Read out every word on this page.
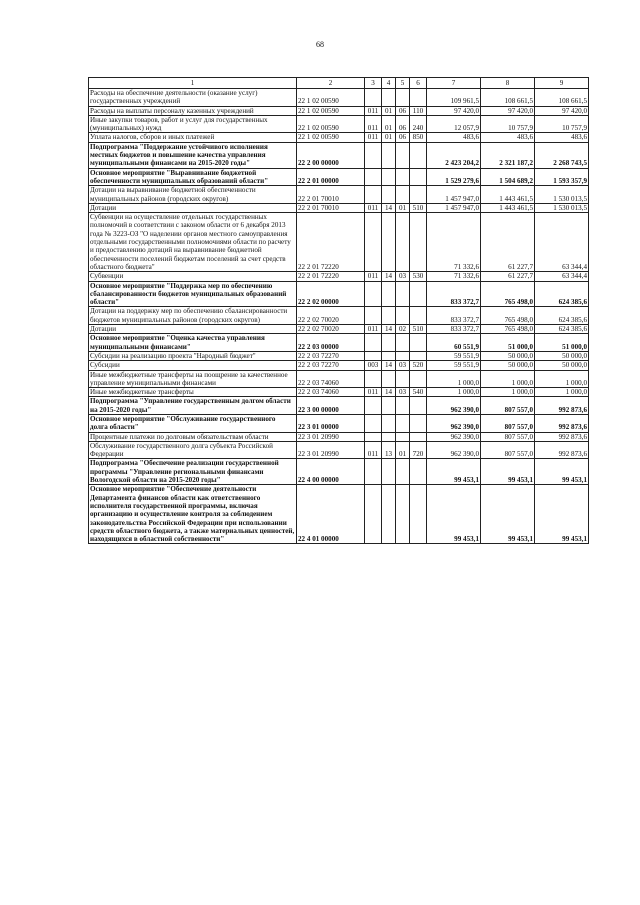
68
1	2	3	4	5	6	7	8	9
Расходы на обеспечение деятельности (оказание услуг) государственных учреждений	22 1 02 00590					109 961,5	108 661,5	108 661,5
Расходы на выплаты персоналу казенных учреждений	22 1 02 00590	011	01	06	110	97 420,0	97 420,0	97 420,0
Иные закупки товаров, работ и услуг для государственных (муниципальных) нужд	22 1 02 00590	011	01	06	240	12 057,9	10 757,9	10 757,9
Уплата налогов, сборов и иных платежей	22 1 02 00590	011	01	06	850	483,6	483,6	483,6
Подпрограмма "Поддержание устойчивого исполнения местных бюджетов и повышение качества управления муниципальными финансами на 2015-2020 годы"	22 2 00 00000					2 423 204,2	2 321 187,2	2 268 743,5
Основное мероприятие "Выравнивание бюджетной обеспеченности муниципальных образований области"	22 2 01 00000					1 529 279,6	1 504 689,2	1 593 357,9
Дотации на выравнивание бюджетной обеспеченности муниципальных районов (городских округов)	22 2 01 70010					1 457 947,0	1 443 461,5	1 530 013,5
Дотации	22 2 01 70010	011	14	01	510	1 457 947,0	1 443 461,5	1 530 013,5
Субвенции на осуществление отдельных государственных полномочий в соответствии с законом области от 6 декабря 2013 года № 3223-ОЗ "О наделении органов местного самоуправления отдельными государственными полномочиями области по расчету и предоставлению дотаций на выравнивание бюджетной обеспеченности поселений бюджетам поселений за счет средств областного бюджета"	22 2 01 72220					71 332,6	61 227,7	63 344,4
Субвенции	22 2 01 72220	011	14	03	530	71 332,6	61 227,7	63 344,4
Основное мероприятие "Поддержка мер по обеспечению сбалансированности бюджетов муниципальных образований области"	22 2 02 00000					833 372,7	765 498,0	624 385,6
Дотации на поддержку мер по обеспечению сбалансированности бюджетов муниципальных районов (городских округов)	22 2 02 70020					833 372,7	765 498,0	624 385,6
Дотации	22 2 02 70020	011	14	02	510	833 372,7	765 498,0	624 385,6
Основное мероприятие "Оценка качества управления муниципальными финансами"	22 2 03 00000					60 551,9	51 000,0	51 000,0
Субсидии на реализацию проекта "Народный бюджет"	22 2 03 72270					59 551,9	50 000,0	50 000,0
Субсидии	22 2 03 72270	003	14	03	520	59 551,9	50 000,0	50 000,0
Иные межбюджетные трансферты на поощрение за качественное управление муниципальными финансами	22 2 03 74060					1 000,0	1 000,0	1 000,0
Иные межбюджетные трансферты	22 2 03 74060	011	14	03	540	1 000,0	1 000,0	1 000,0
Подпрограмма "Управление государственным долгом области на 2015-2020 годы"	22 3 00 00000					962 390,0	807 557,0	992 873,6
Основное мероприятие "Обслуживание государственного долга области"	22 3 01 00000					962 390,0	807 557,0	992 873,6
Процентные платежи по долговым обязательствам области	22 3 01 20990					962 390,0	807 557,0	992 873,6
Обслуживание государственного долга субъекта Российской Федерации	22 3 01 20990	011	13	01	720	962 390,0	807 557,0	992 873,6
Подпрограмма "Обеспечение реализации государственной программы "Управление региональными финансами Вологодской области на 2015-2020 годы"	22 4 00 00000					99 453,1	99 453,1	99 453,1
Основное мероприятие "Обеспечение деятельности Департамента финансов области как ответственного исполнителя государственной программы, включая организацию и осуществление контроля за соблюдением законодательства Российской Федерации при использовании средств областного бюджета, а также материальных ценностей, находящихся в областной собственности"	22 4 01 00000					99 453,1	99 453,1	99 453,1
